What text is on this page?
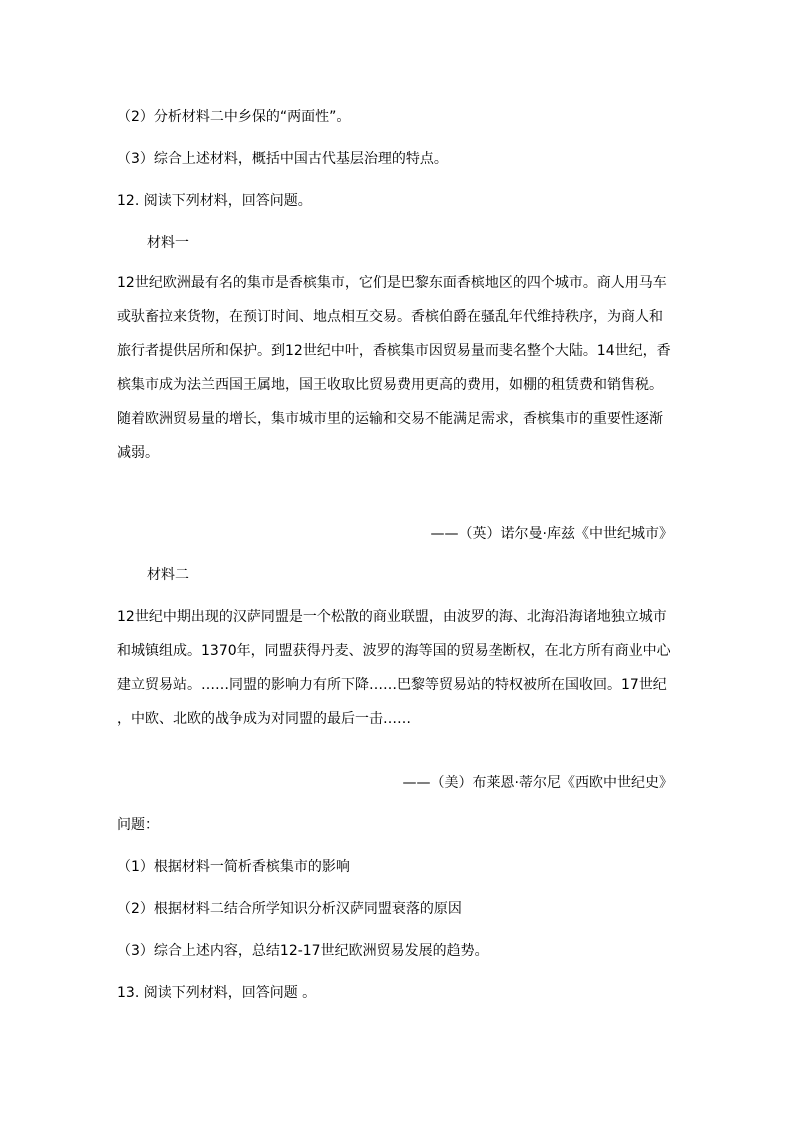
（2）分析材料二中乡保的“两面性”。
（3）综合上述材料，概括中国古代基层治理的特点。
12. 阅读下列材料，回答问题。
材料一
12世纪欧洲最有名的集市是香槟集市，它们是巴黎东面香槟地区的四个城市。商人用马车
或驮畜拉来货物，在预订时间、地点相互交易。香槟伯爵在骚乱年代维持秩序，为商人和
旅行者提供居所和保护。到12世纪中叶，香槟集市因贸易量而斐名整个大陆。14世纪，香
槟集市成为法兰西国王属地，国王收取比贸易费用更高的费用，如棚的租赁费和销售税。
随着欧洲贸易量的增长，集市城市里的运输和交易不能满足需求，香槟集市的重要性逐渐
减弱。
——（英）诺尔曼·库兹《中世纪城市》
材料二
12世纪中期出现的汉萨同盟是一个松散的商业联盟，由波罗的海、北海沿海诸地独立城市
和城镇组成。1370年，同盟获得丹麦、波罗的海等国的贸易垄断权，在北方所有商业中心
建立贸易站。……同盟的影响力有所下降……巴黎等贸易站的特权被所在国收回。17世纪
，中欧、北欧的战争成为对同盟的最后一击……
——（美）布莱恩·蒂尔尼《西欧中世纪史》
问题：
（1）根据材料一简析香槟集市的影响
（2）根据材料二结合所学知识分析汉萨同盟衰落的原因
（3）综合上述内容，总结12-17世纪欧洲贸易发展的趋势。
13. 阅读下列材料，回答问题 。
